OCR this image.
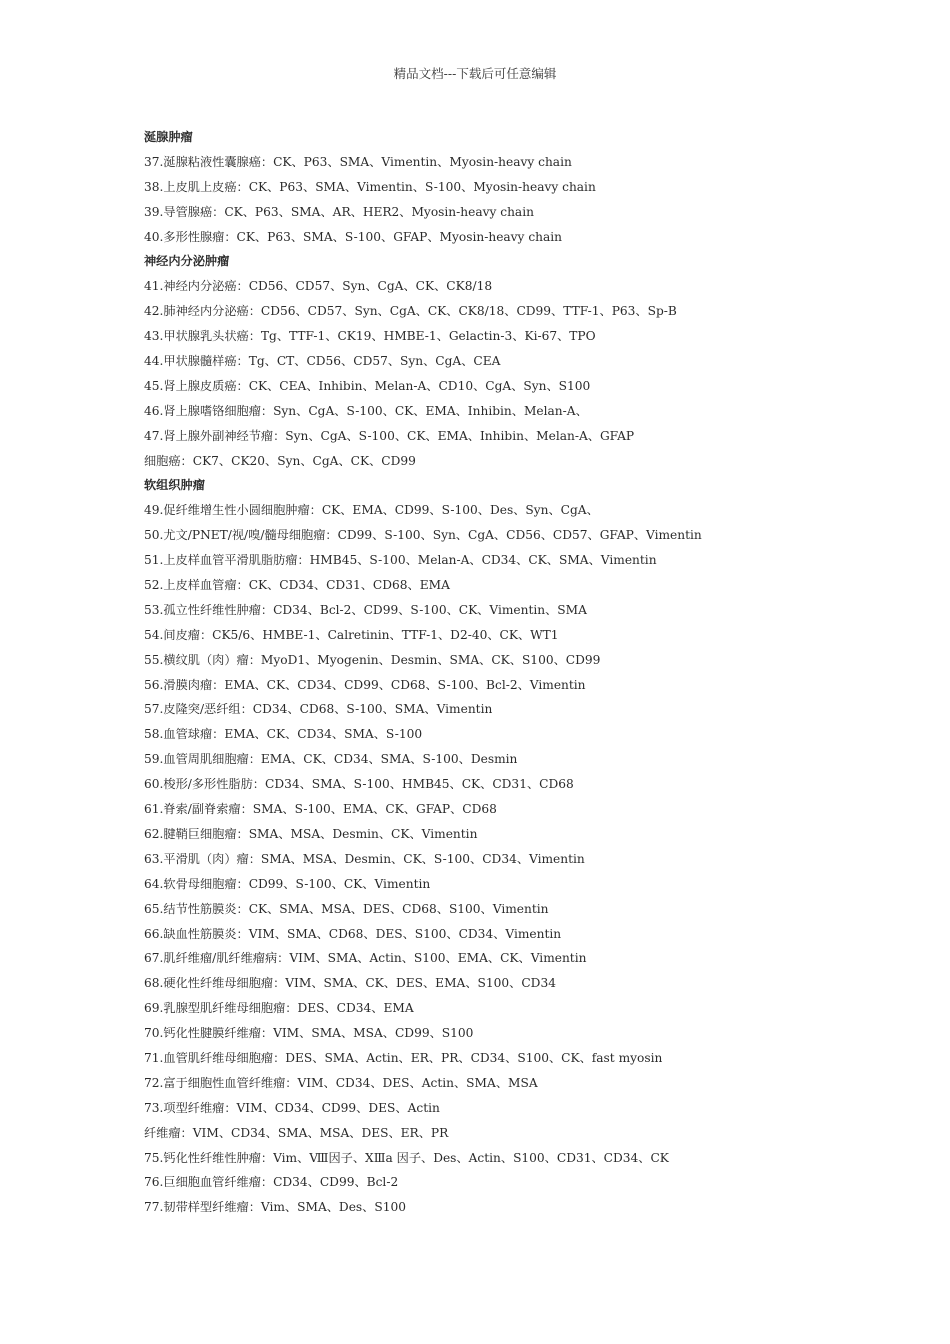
精品文档---下载后可任意编辑
涎腺肿瘤
37.涎腺粘液性囊腺癌：CK、P63、SMA、Vimentin、Myosin-heavy chain
38.上皮肌上皮癌：CK、P63、SMA、Vimentin、S-100、Myosin-heavy chain
39.导管腺癌：CK、P63、SMA、AR、HER2、Myosin-heavy chain
40.多形性腺瘤：CK、P63、SMA、S-100、GFAP、Myosin-heavy chain
神经内分泌肿瘤
41.神经内分泌癌：CD56、CD57、Syn、CgA、CK、CK8/18
42.肺神经内分泌癌：CD56、CD57、Syn、CgA、CK、CK8/18、CD99、TTF-1、P63、Sp-B
43.甲状腺乳头状癌：Tg、TTF-1、CK19、HMBE-1、Gelactin-3、Ki-67、TPO
44.甲状腺髓样癌：Tg、CT、CD56、CD57、Syn、CgA、CEA
45.肾上腺皮质癌：CK、CEA、Inhibin、Melan-A、CD10、CgA、Syn、S100
46.肾上腺嗜铬细胞瘤：Syn、CgA、S-100、CK、EMA、Inhibin、Melan-A、
47.肾上腺外副神经节瘤：Syn、CgA、S-100、CK、EMA、Inhibin、Melan-A、GFAP
细胞癌：CK7、CK20、Syn、CgA、CK、CD99
软组织肿瘤
49.促纤维增生性小圆细胞肿瘤：CK、EMA、CD99、S-100、Des、Syn、CgA、
50.尤文/PNET/视/嗅/髓母细胞瘤：CD99、S-100、Syn、CgA、CD56、CD57、GFAP、Vimentin
51.上皮样血管平滑肌脂肪瘤：HMB45、S-100、Melan-A、CD34、CK、SMA、Vimentin
52.上皮样血管瘤：CK、CD34、CD31、CD68、EMA
53.孤立性纤维性肿瘤：CD34、Bcl-2、CD99、S-100、CK、Vimentin、SMA
54.间皮瘤：CK5/6、HMBE-1、Calretinin、TTF-1、D2-40、CK、WT1
55.横纹肌（肉）瘤：MyoD1、Myogenin、Desmin、SMA、CK、S100、CD99
56.滑膜肉瘤：EMA、CK、CD34、CD99、CD68、S-100、Bcl-2、Vimentin
57.皮隆突/恶纤组：CD34、CD68、S-100、SMA、Vimentin
58.血管球瘤：EMA、CK、CD34、SMA、S-100
59.血管周肌细胞瘤：EMA、CK、CD34、SMA、S-100、Desmin
60.梭形/多形性脂肪：CD34、SMA、S-100、HMB45、CK、CD31、CD68
61.脊索/副脊索瘤：SMA、S-100、EMA、CK、GFAP、CD68
62.腱鞘巨细胞瘤：SMA、MSA、Desmin、CK、Vimentin
63.平滑肌（肉）瘤：SMA、MSA、Desmin、CK、S-100、CD34、Vimentin
64.软骨母细胞瘤：CD99、S-100、CK、Vimentin
65.结节性筋膜炎：CK、SMA、MSA、DES、CD68、S100、Vimentin
66.缺血性筋膜炎：VIM、SMA、CD68、DES、S100、CD34、Vimentin
67.肌纤维瘤/肌纤维瘤病：VIM、SMA、Actin、S100、EMA、CK、Vimentin
68.硬化性纤维母细胞瘤：VIM、SMA、CK、DES、EMA、S100、CD34
69.乳腺型肌纤维母细胞瘤：DES、CD34、EMA
70.钙化性腱膜纤维瘤：VIM、SMA、MSA、CD99、S100
71.血管肌纤维母细胞瘤：DES、SMA、Actin、ER、PR、CD34、S100、CK、fast myosin
72.富于细胞性血管纤维瘤：VIM、CD34、DES、Actin、SMA、MSA
73.项型纤维瘤：VIM、CD34、CD99、DES、Actin
纤维瘤：VIM、CD34、SMA、MSA、DES、ER、PR
75.钙化性纤维性肿瘤：Vim、Ⅷ因子、XⅢa 因子、Des、Actin、S100、CD31、CD34、CK
76.巨细胞血管纤维瘤：CD34、CD99、Bcl-2
77.韧带样型纤维瘤：Vim、SMA、Des、S100
